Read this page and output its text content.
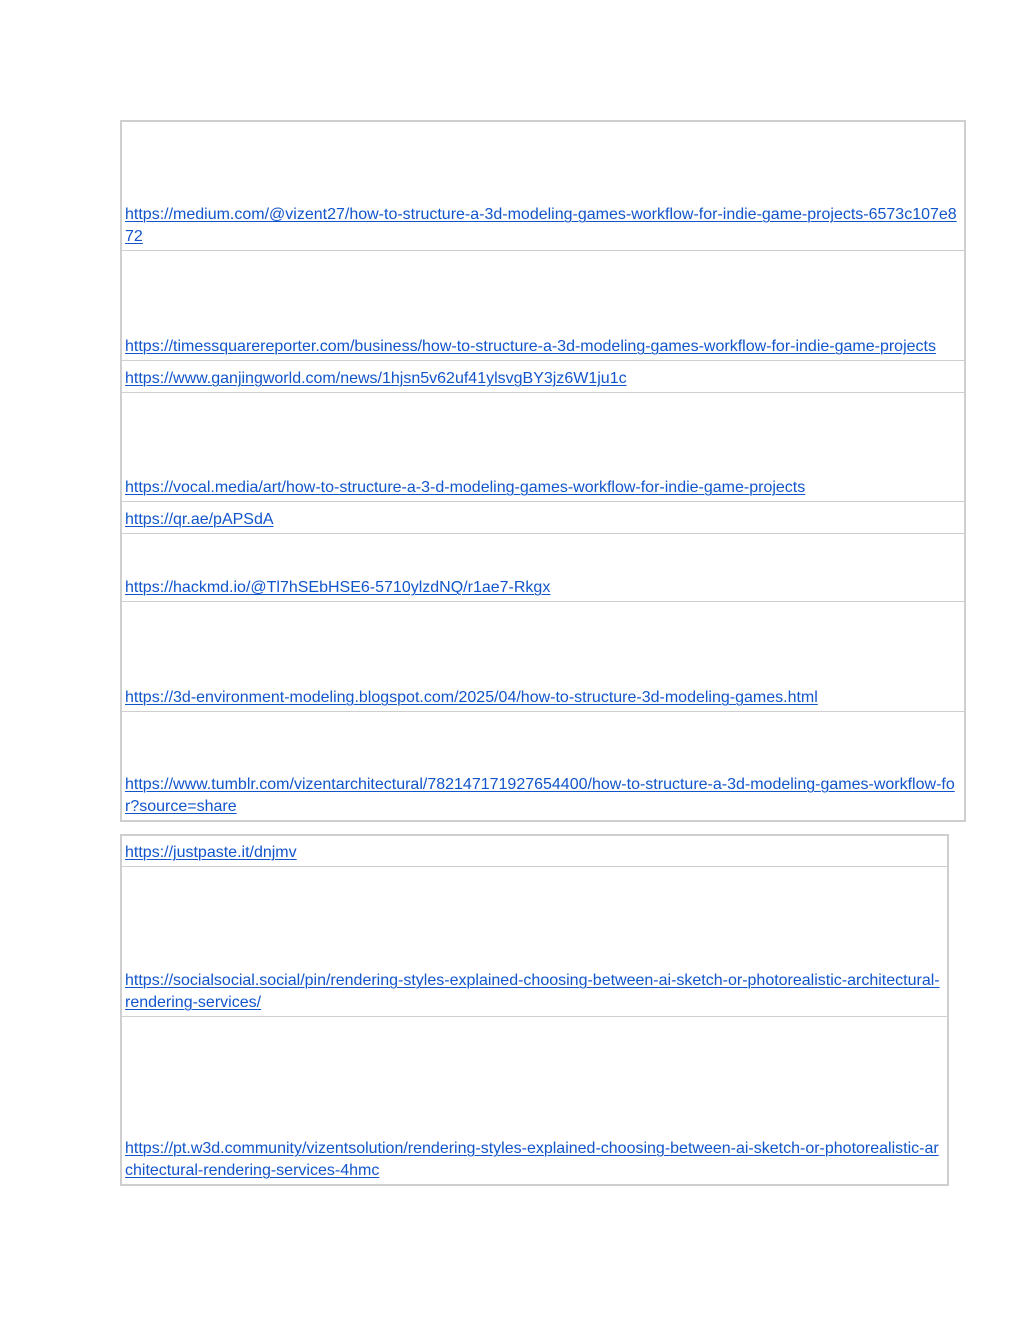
https://medium.com/@vizent27/how-to-structure-a-3d-modeling-games-workflow-for-indie-game-projects-6573c107e872
https://timessquarereporter.com/business/how-to-structure-a-3d-modeling-games-workflow-for-indie-game-projects
https://www.ganjingworld.com/news/1hjsn5v62uf41ylsvgBY3jz6W1ju1c
https://vocal.media/art/how-to-structure-a-3-d-modeling-games-workflow-for-indie-game-projects
https://qr.ae/pAPSdA
https://hackmd.io/@Tl7hSEbHSE6-5710ylzdNQ/r1ae7-Rkgx
https://3d-environment-modeling.blogspot.com/2025/04/how-to-structure-3d-modeling-games.html
https://www.tumblr.com/vizentarchitectural/782147171927654400/how-to-structure-a-3d-modeling-games-workflow-for?source=share
https://justpaste.it/dnjmv
https://socialsocial.social/pin/rendering-styles-explained-choosing-between-ai-sketch-or-photorealistic-architectural-rendering-services/
https://pt.w3d.community/vizentsolution/rendering-styles-explained-choosing-between-ai-sketch-or-photorealistic-architectural-rendering-services-4hmc
